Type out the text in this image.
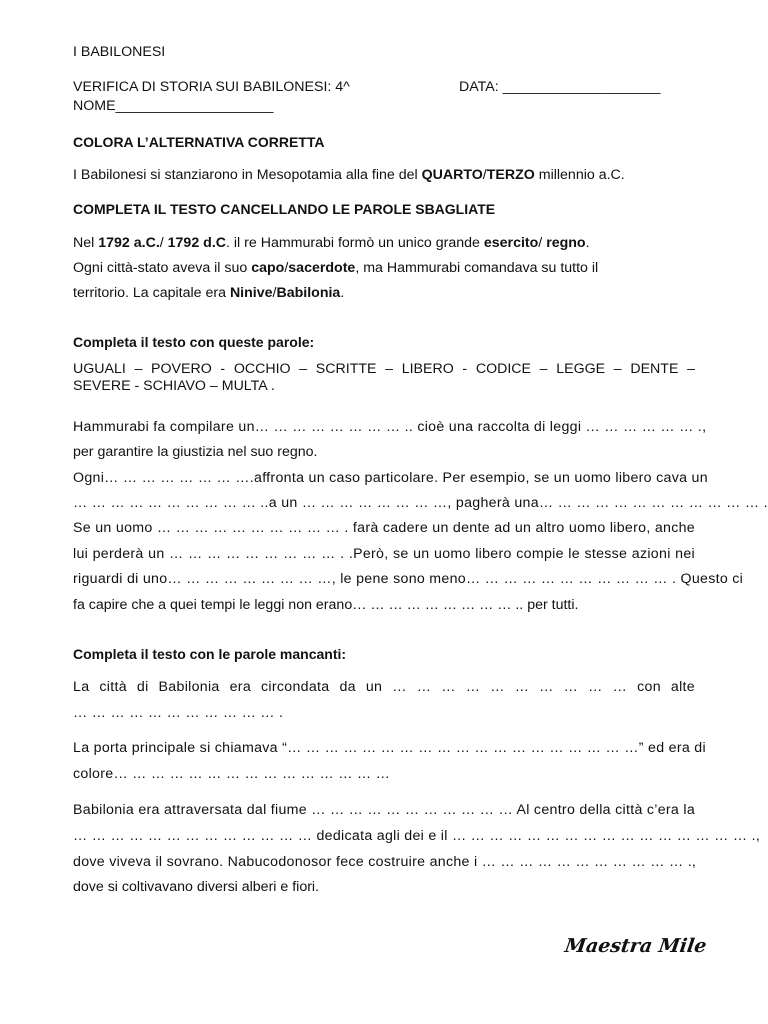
I BABILONESI
VERIFICA DI STORIA SUI BABILONESI: 4^	DATA: ____________________
NOME____________________
COLORA L’ALTERNATIVA CORRETTA
I Babilonesi si stanziarono in Mesopotamia alla fine del QUARTO/TERZO millennio a.C.
COMPLETA IL TESTO CANCELLANDO LE PAROLE SBAGLIATE
Nel 1792 a.C./ 1792 d.C. il re Hammurabi formò un unico grande esercito/ regno.
Ogni città-stato aveva il suo capo/sacerdote, ma Hammurabi comandava su tutto il
territorio. La capitale era Ninive/Babilonia.
Completa il testo con queste parole:
UGUALI – POVERO - OCCHIO – SCRITTE – LIBERO - CODICE – LEGGE – DENTE –
SEVERE - SCHIAVO – MULTA .
Hammurabi fa compilare un… … … … … … … … .. cioè una raccolta di leggi … … … … … … .,
per garantire la giustizia nel suo regno.
Ogni… … … … … … … ….affronta un caso particolare. Per esempio, se un uomo libero cava un
… … … … … … … … … … ..a un … … … … … … … …, pagherà una… … … … … … … … … … … … .
Se un uomo … … … … … … … … … … . farà cadere un dente ad un altro uomo libero, anche
lui perderà un … … … … … … … … … . .Però, se un uomo libero compie le stesse azioni nei
riguardi di uno… … … … … … … … …, le pene sono meno… … … … … … … … … … … . Questo ci
fa capire che a quei tempi le leggi non erano… … … … … … … … … .. per tutti.
Completa il testo con le parole mancanti:
La città di Babilonia era circondata da un … … … … … … … … … … con alte
… … … … … … … … … … … .
La porta principale si chiamava “… … … … … … … … … … … … … … … … … … …” ed era di
colore… … … … … … … … … … … … … … …
Babilonia era attraversata dal fiume … … … … … … … … … … … Al centro della città c’era la
… … … … … … … … … … … … … dedicata agli dei e il … … … … … … … … … … … … … … … … .,
dove viveva il sovrano. Nabucodonosor fece costruire anche i … … … … … … … … … … … .,
dove si coltivavano diversi alberi e fiori.
Maestra Mile
